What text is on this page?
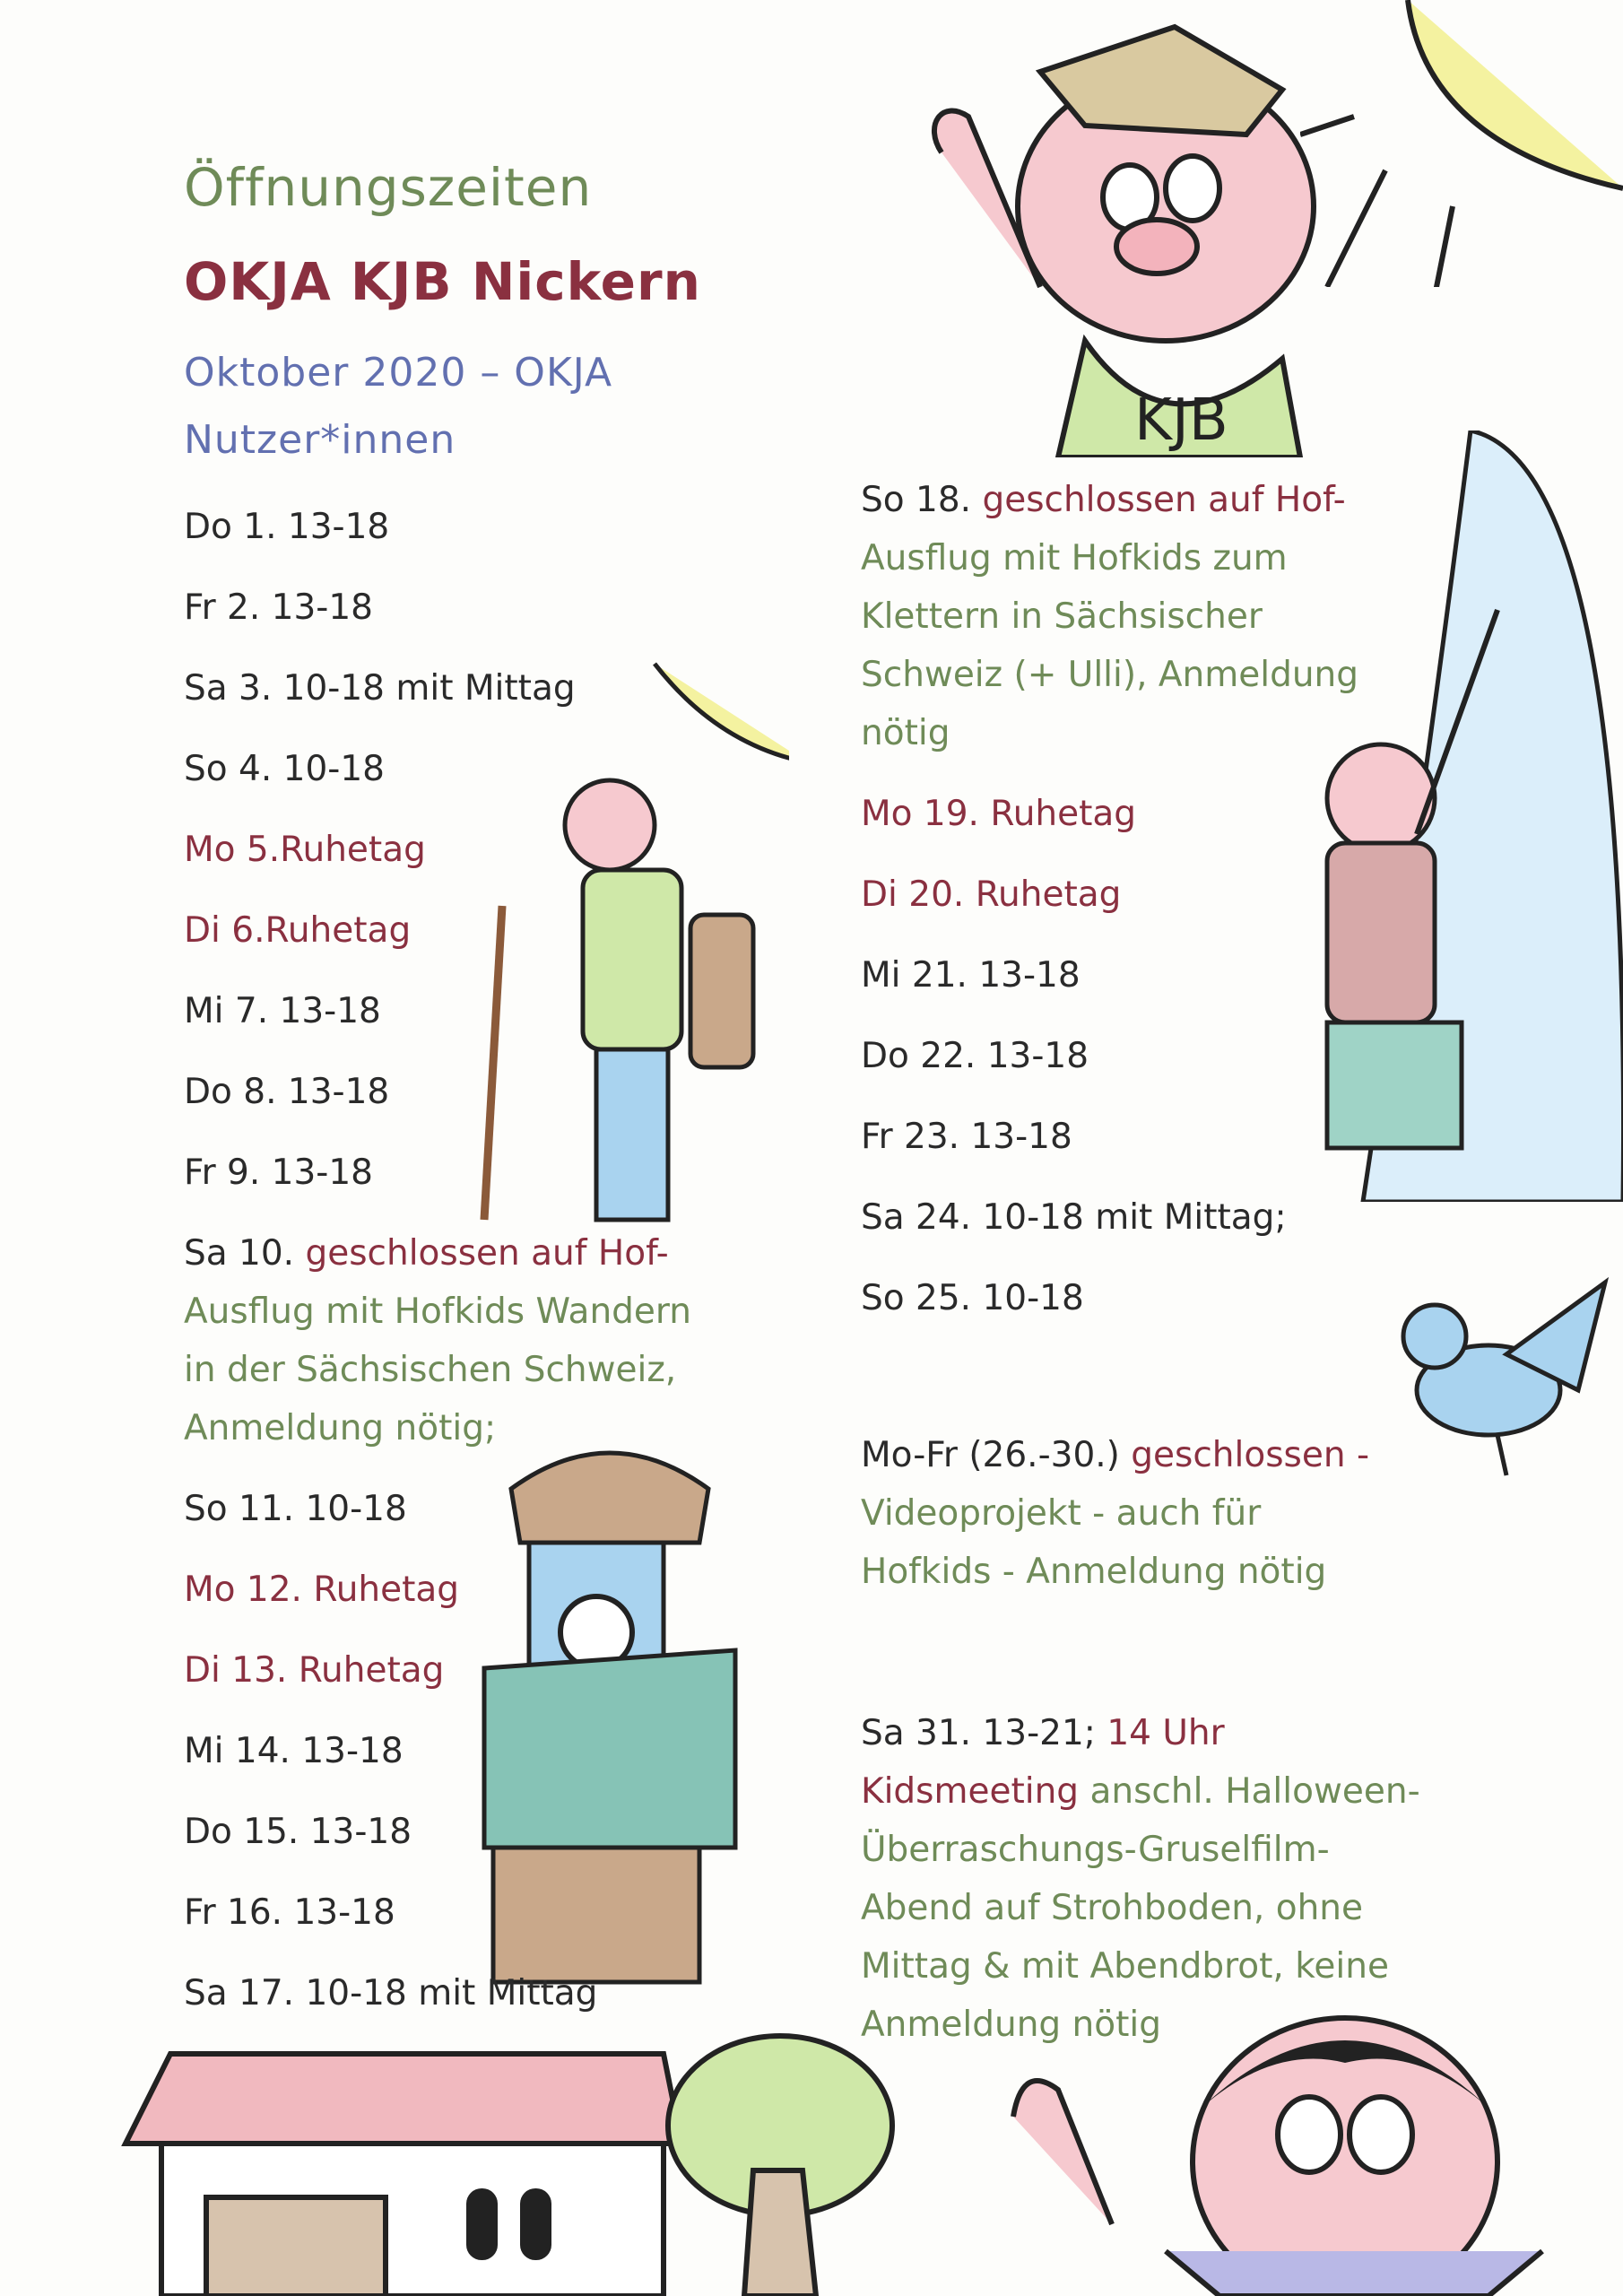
KJB
Öffnungszeiten
OKJA KJB Nickern
Oktober 2020 – OKJA
Nutzer*innen
Do 1. 13-18
Fr 2. 13-18
Sa 3. 10-18 mit Mittag
So 4. 10-18
Mo 5.Ruhetag
Di 6.Ruhetag
Mi 7. 13-18
Do 8. 13-18
Fr 9. 13-18
Sa 10. geschlossen auf Hof-
Ausflug mit Hofkids Wandern
in der Sächsischen Schweiz,
Anmeldung nötig;
So 11. 10-18
Mo 12. Ruhetag
Di 13. Ruhetag
Mi 14. 13-18
Do 15. 13-18
Fr 16. 13-18
Sa 17. 10-18 mit Mittag
So 18. geschlossen auf Hof-
Ausflug mit Hofkids zum
Klettern in Sächsischer
Schweiz (+ Ulli), Anmeldung
nötig
Mo 19. Ruhetag
Di 20. Ruhetag
Mi 21. 13-18
Do 22. 13-18
Fr 23. 13-18
Sa 24. 10-18 mit Mittag;
So 25. 10-18
Mo-Fr (26.-30.) geschlossen -
Videoprojekt - auch für
Hofkids - Anmeldung nötig
Sa 31. 13-21; 14 Uhr
Kidsmeeting anschl. Halloween-
Überraschungs-Gruselfilm-
Abend auf Strohboden, ohne
Mittag & mit Abendbrot, keine
Anmeldung nötig
